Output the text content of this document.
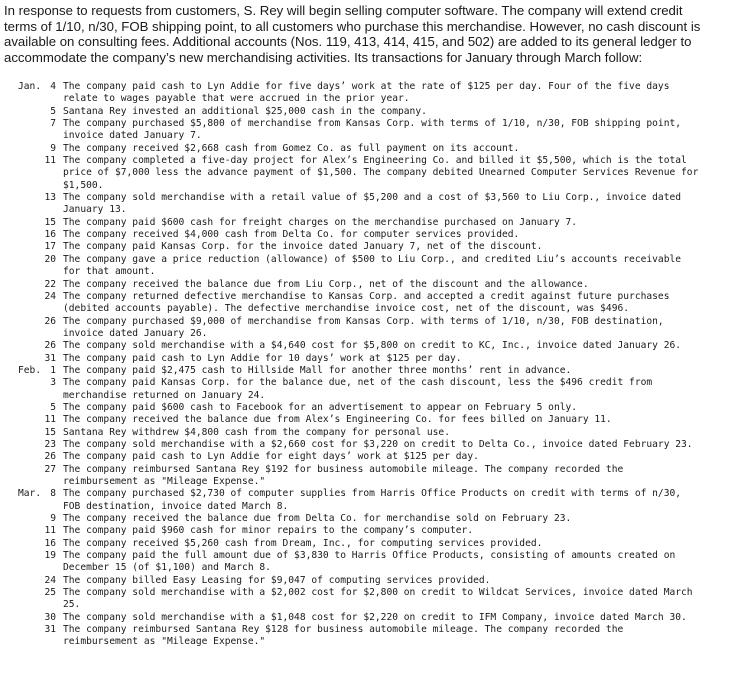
In response to requests from customers, S. Rey will begin selling computer software. The company will extend credit terms of 1/10, n/30, FOB shipping point, to all customers who purchase this merchandise. However, no cash discount is available on consulting fees. Additional accounts (Nos. 119, 413, 414, 415, and 502) are added to its general ledger to accommodate the company’s new merchandising activities. Its transactions for January through March follow:

Jan. 4 The company paid cash to Lyn Addie for five days’ work at the rate of $125 per day. Four of the five days relate to wages payable that were accrued in the prior year.
5 Santana Rey invested an additional $25,000 cash in the company.
7 The company purchased $5,800 of merchandise from Kansas Corp. with terms of 1/10, n/30, FOB shipping point, invoice dated January 7.
9 The company received $2,668 cash from Gomez Co. as full payment on its account.
11 The company completed a five-day project for Alex’s Engineering Co. and billed it $5,500, which is the total price of $7,000 less the advance payment of $1,500. The company debited Unearned Computer Services Revenue for $1,500.
13 The company sold merchandise with a retail value of $5,200 and a cost of $3,560 to Liu Corp., invoice dated January 13.
15 The company paid $600 cash for freight charges on the merchandise purchased on January 7.
16 The company received $4,000 cash from Delta Co. for computer services provided.
17 The company paid Kansas Corp. for the invoice dated January 7, net of the discount.
20 The company gave a price reduction (allowance) of $500 to Liu Corp., and credited Liu’s accounts receivable for that amount.
22 The company received the balance due from Liu Corp., net of the discount and the allowance.
24 The company returned defective merchandise to Kansas Corp. and accepted a credit against future purchases (debited accounts payable). The defective merchandise invoice cost, net of the discount, was $496.
26 The company purchased $9,000 of merchandise from Kansas Corp. with terms of 1/10, n/30, FOB destination, invoice dated January 26.
26 The company sold merchandise with a $4,640 cost for $5,800 on credit to KC, Inc., invoice dated January 26.
31 The company paid cash to Lyn Addie for 10 days’ work at $125 per day.
Feb. 1 The company paid $2,475 cash to Hillside Mall for another three months’ rent in advance.
3 The company paid Kansas Corp. for the balance due, net of the cash discount, less the $496 credit from merchandise returned on January 24.
5 The company paid $600 cash to Facebook for an advertisement to appear on February 5 only.
11 The company received the balance due from Alex’s Engineering Co. for fees billed on January 11.
15 Santana Rey withdrew $4,800 cash from the company for personal use.
23 The company sold merchandise with a $2,660 cost for $3,220 on credit to Delta Co., invoice dated February 23.
26 The company paid cash to Lyn Addie for eight days’ work at $125 per day.
27 The company reimbursed Santana Rey $192 for business automobile mileage. The company recorded the reimbursement as "Mileage Expense."
Mar. 8 The company purchased $2,730 of computer supplies from Harris Office Products on credit with terms of n/30, FOB destination, invoice dated March 8.
9 The company received the balance due from Delta Co. for merchandise sold on February 23.
11 The company paid $960 cash for minor repairs to the company’s computer.
16 The company received $5,260 cash from Dream, Inc., for computing services provided.
19 The company paid the full amount due of $3,830 to Harris Office Products, consisting of amounts created on December 15 (of $1,100) and March 8.
24 The company billed Easy Leasing for $9,047 of computing services provided.
25 The company sold merchandise with a $2,002 cost for $2,800 on credit to Wildcat Services, invoice dated March 25.
30 The company sold merchandise with a $1,048 cost for $2,220 on credit to IFM Company, invoice dated March 30.
31 The company reimbursed Santana Rey $128 for business automobile mileage. The company recorded the reimbursement as "Mileage Expense."
